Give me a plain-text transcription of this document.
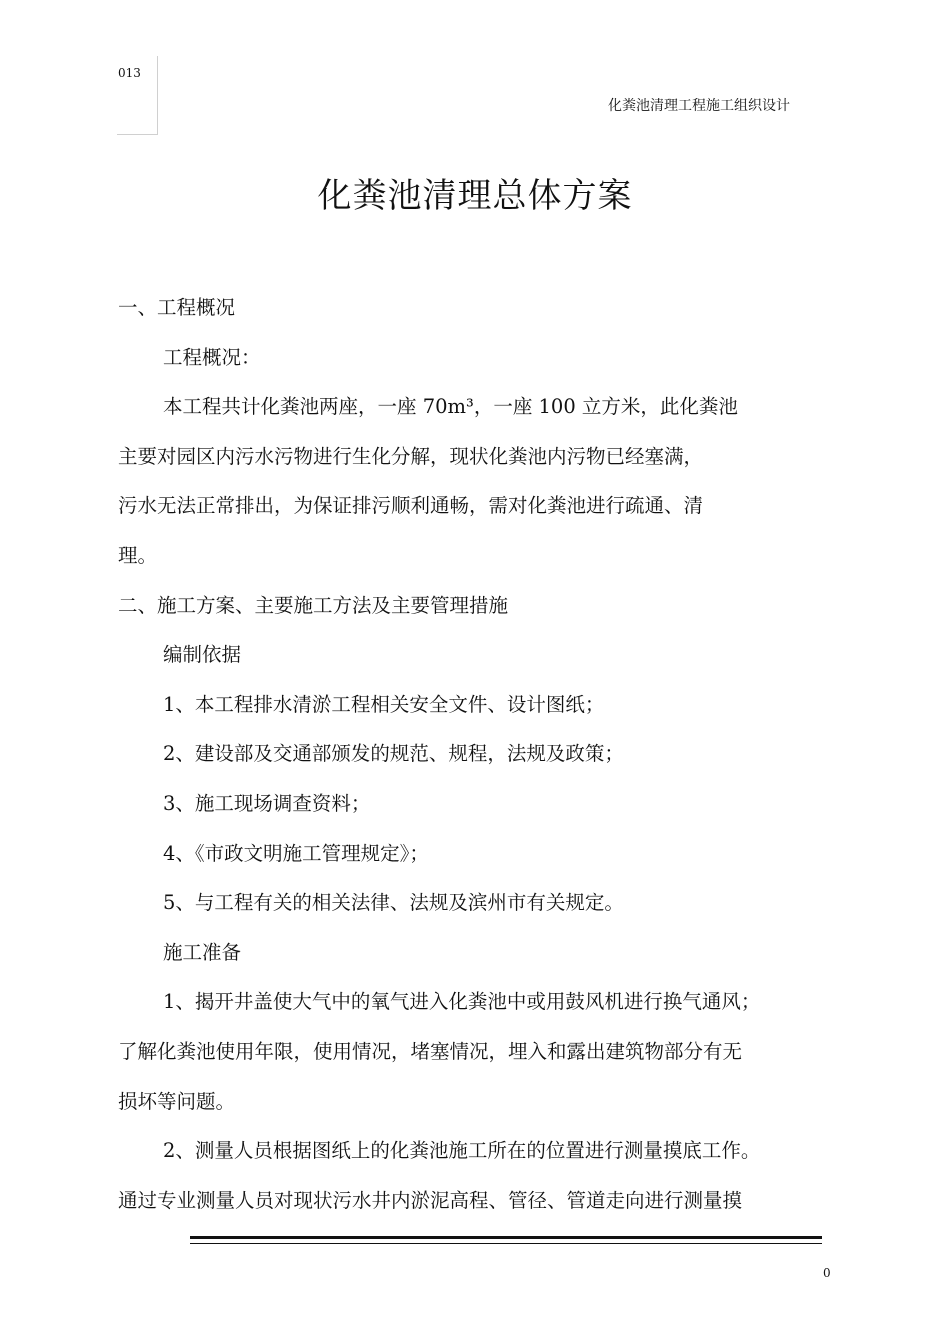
013
化粪池清理工程施工组织设计
化粪池清理总体方案
一、工程概况
工程概况：
本工程共计化粪池两座，一座 70m³，一座 100 立方米，此化粪池
主要对园区内污水污物进行生化分解，现状化粪池内污物已经塞满，
污水无法正常排出，为保证排污顺利通畅，需对化粪池进行疏通、清
理。
二、施工方案、主要施工方法及主要管理措施
编制依据
1、本工程排水清淤工程相关安全文件、设计图纸；
2、建设部及交通部颁发的规范、规程，法规及政策；
3、施工现场调查资料；
4、《市政文明施工管理规定》；
5、与工程有关的相关法律、法规及滨州市有关规定。
施工准备
1、揭开井盖使大气中的氧气进入化粪池中或用鼓风机进行换气通风；
了解化粪池使用年限，使用情况，堵塞情况，埋入和露出建筑物部分有无
损坏等问题。
2、测量人员根据图纸上的化粪池施工所在的位置进行测量摸底工作。
通过专业测量人员对现状污水井内淤泥高程、管径、管道走向进行测量摸
0
